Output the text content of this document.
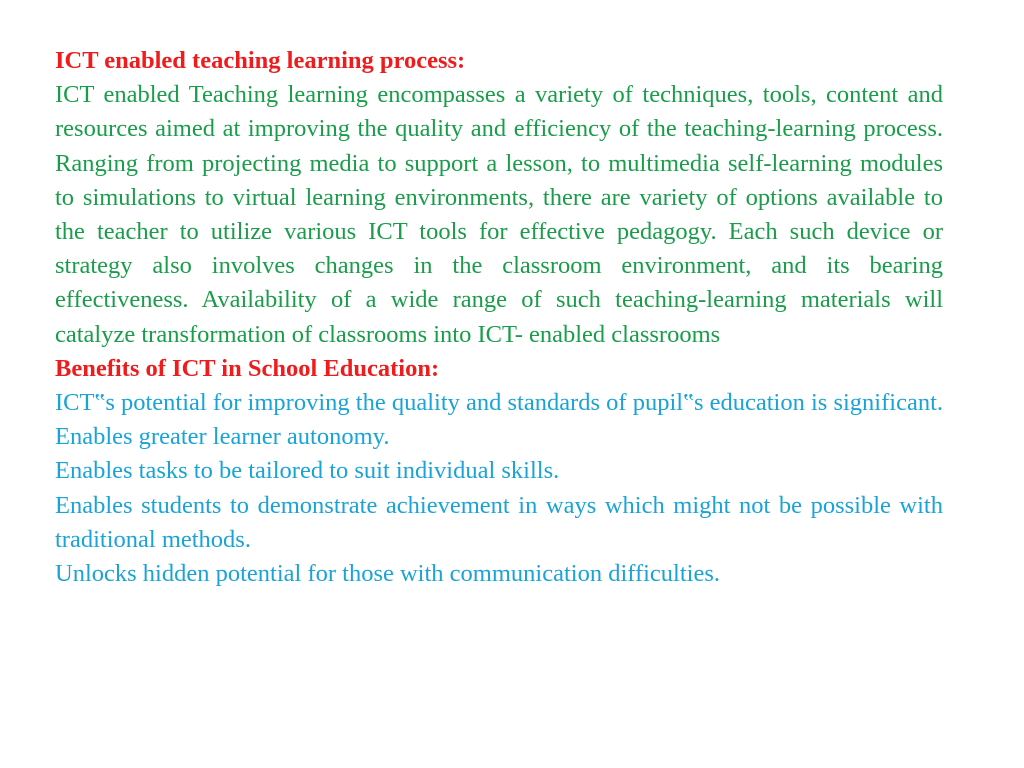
ICT enabled teaching learning process:

ICT enabled Teaching learning encompasses a variety of techniques, tools, content and resources aimed at improving the quality and efficiency of the teaching-learning process. Ranging from projecting media to support a lesson, to multimedia self-learning modules to simulations to virtual learning environments, there are variety of options available to the teacher to utilize various ICT tools for effective pedagogy. Each such device or strategy also involves changes in the classroom environment, and its bearing effectiveness. Availability of a wide range of such teaching-learning materials will catalyze transformation of classrooms into ICT- enabled classrooms

Benefits of ICT in School Education:

ICT‟s potential for improving the quality and standards of pupil‟s education is significant. Enables greater learner autonomy.

Enables tasks to be tailored to suit individual skills.

Enables students to demonstrate achievement in ways which might not be possible with traditional methods.

Unlocks hidden potential for those with communication difficulties.
